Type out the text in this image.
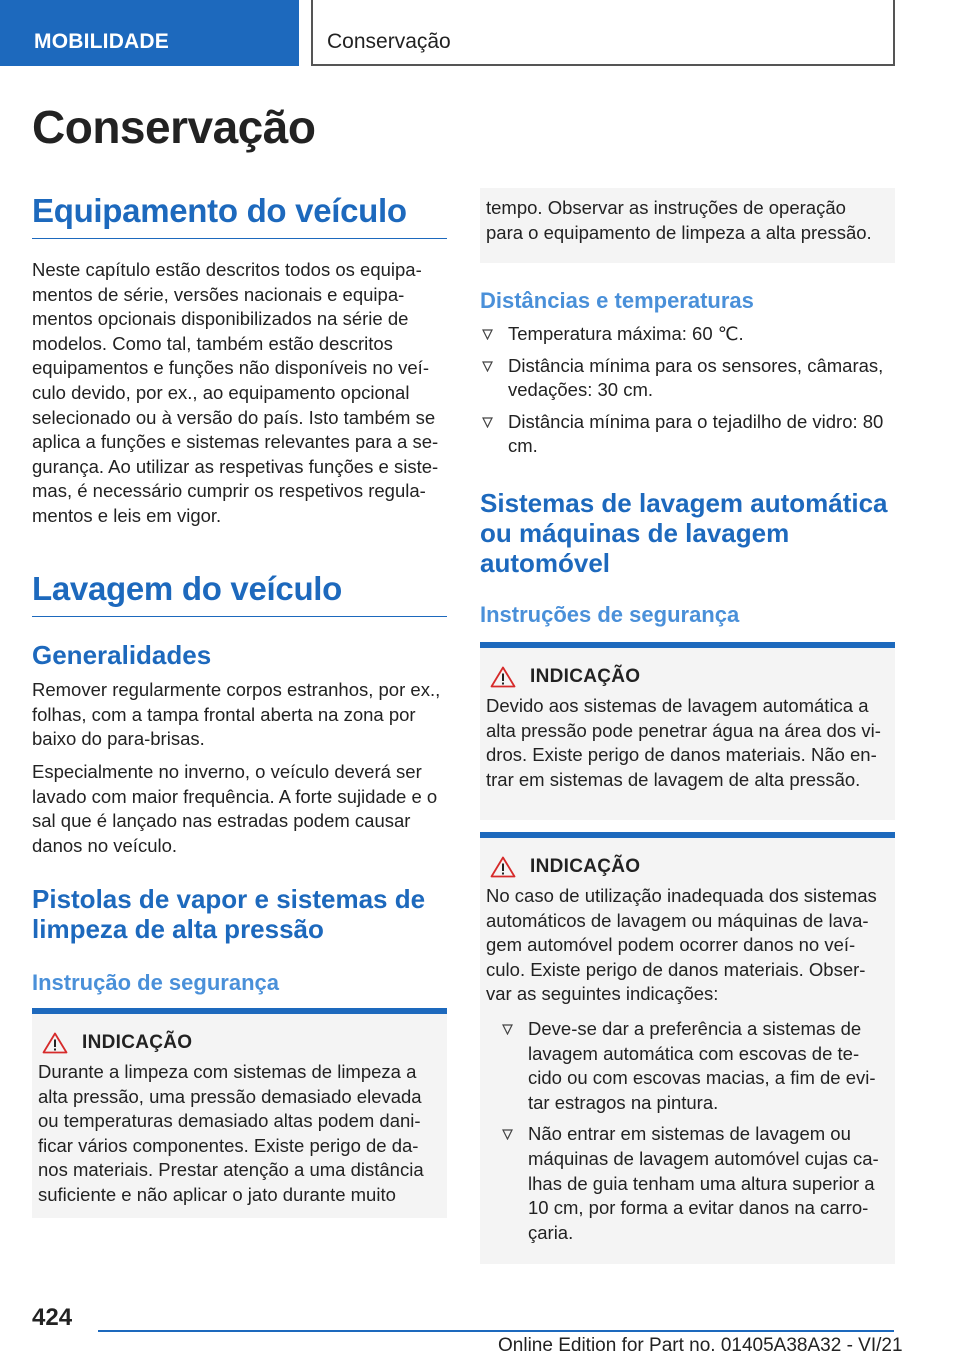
MOBILIDADE	Conservação
Conservação
Equipamento do veículo

Neste capítulo estão descritos todos os equipa-mentos de série, versões nacionais e equipa-mentos opcionais disponibilizados na série de modelos. Como tal, também estão descritos equipamentos e funções não disponíveis no veí-culo devido, por ex., ao equipamento opcional selecionado ou à versão do país. Isto também se aplica a funções e sistemas relevantes para a se-gurança. Ao utilizar as respetivas funções e siste-mas, é necessário cumprir os respetivos regula-mentos e leis em vigor.

Lavagem do veículo
Generalidades

Remover regularmente corpos estranhos, por ex., folhas, com a tampa frontal aberta na zona por baixo do para-brisas.

Especialmente no inverno, o veículo deverá ser lavado com maior frequência. A forte sujidade e o sal que é lançado nas estradas podem causar danos no veículo.

Pistolas de vapor e sistemas de limpeza de alta pressão
Instrução de segurança
INDICAÇÃO
Durante a limpeza com sistemas de limpeza a alta pressão, uma pressão demasiado elevada ou temperaturas demasiado altas podem dani-ficar vários componentes. Existe perigo de da-nos materiais. Prestar atenção a uma distância suficiente e não aplicar o jato durante muito
tempo. Observar as instruções de operação para o equipamento de limpeza a alta pressão.
Distâncias e temperaturas
Temperatura máxima: 60 ℃.
Distância mínima para os sensores, câmaras, vedações: 30 cm.
Distância mínima para o tejadilho de vidro: 80 cm.
Sistemas de lavagem automática ou máquinas de lavagem automóvel
Instruções de segurança
INDICAÇÃO
Devido aos sistemas de lavagem automática a alta pressão pode penetrar água na área dos vi-dros. Existe perigo de danos materiais. Não en-trar em sistemas de lavagem de alta pressão.
INDICAÇÃO
No caso de utilização inadequada dos sistemas automáticos de lavagem ou máquinas de lava-gem automóvel podem ocorrer danos no veí-culo. Existe perigo de danos materiais. Obser-var as seguintes indicações:
Deve-se dar a preferência a sistemas de lavagem automática com escovas de te-cido ou com escovas macias, a fim de evi-tar estragos na pintura.
Não entrar em sistemas de lavagem ou máquinas de lavagem automóvel cujas ca-lhas de guia tenham uma altura superior a 10 cm, por forma a evitar danos na carro-çaria.
424
Online Edition for Part no. 01405A38A32 - VI/21
